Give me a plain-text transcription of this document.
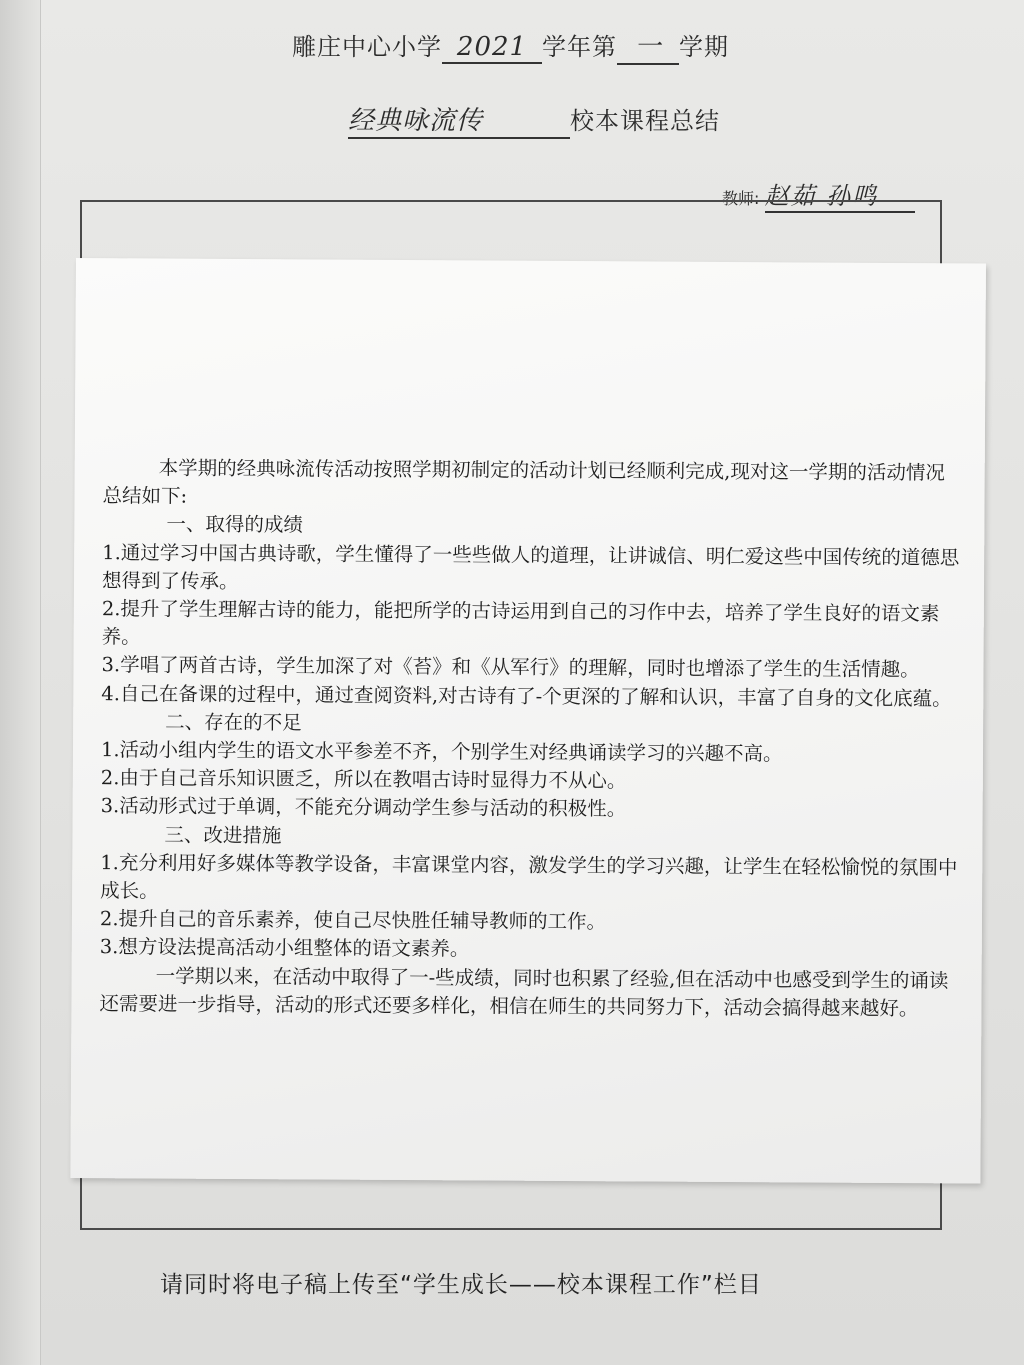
雕庄中心小学 2021 学年第 一 学期
经典咏流传	校本课程总结
教师: 赵茹 孙鸣

本学期的经典咏流传活动按照学期初制定的活动计划已经顺利完成,现对这一学期的活动情况总结如下:

一、取得的成绩

1.通过学习中国古典诗歌，学生懂得了一些些做人的道理，让讲诚信、明仁爱这些中国传统的道德思想得到了传承。

2.提升了学生理解古诗的能力，能把所学的古诗运用到自己的习作中去，培养了学生良好的语文素养。

3.学唱了两首古诗，学生加深了对《苔》和《从军行》的理解，同时也增添了学生的生活情趣。

4.自己在备课的过程中，通过查阅资料,对古诗有了-个更深的了解和认识，丰富了自身的文化底蕴。

二、存在的不足

1.活动小组内学生的语文水平参差不齐，个别学生对经典诵读学习的兴趣不高。

2.由于自己音乐知识匮乏，所以在教唱古诗时显得力不从心。

3.活动形式过于单调，不能充分调动学生参与活动的积极性。

三、改进措施

1.充分利用好多媒体等教学设备，丰富课堂内容，激发学生的学习兴趣，让学生在轻松愉悦的氛围中成长。

2.提升自己的音乐素养，使自己尽快胜任辅导教师的工作。

3.想方设法提高活动小组整体的语文素养。

一学期以来，在活动中取得了一-些成绩，同时也积累了经验,但在活动中也感受到学生的诵读还需要进一步指导，活动的形式还要多样化，相信在师生的共同努力下，活动会搞得越来越好。

请同时将电子稿上传至“学生成长——校本课程工作”栏目
